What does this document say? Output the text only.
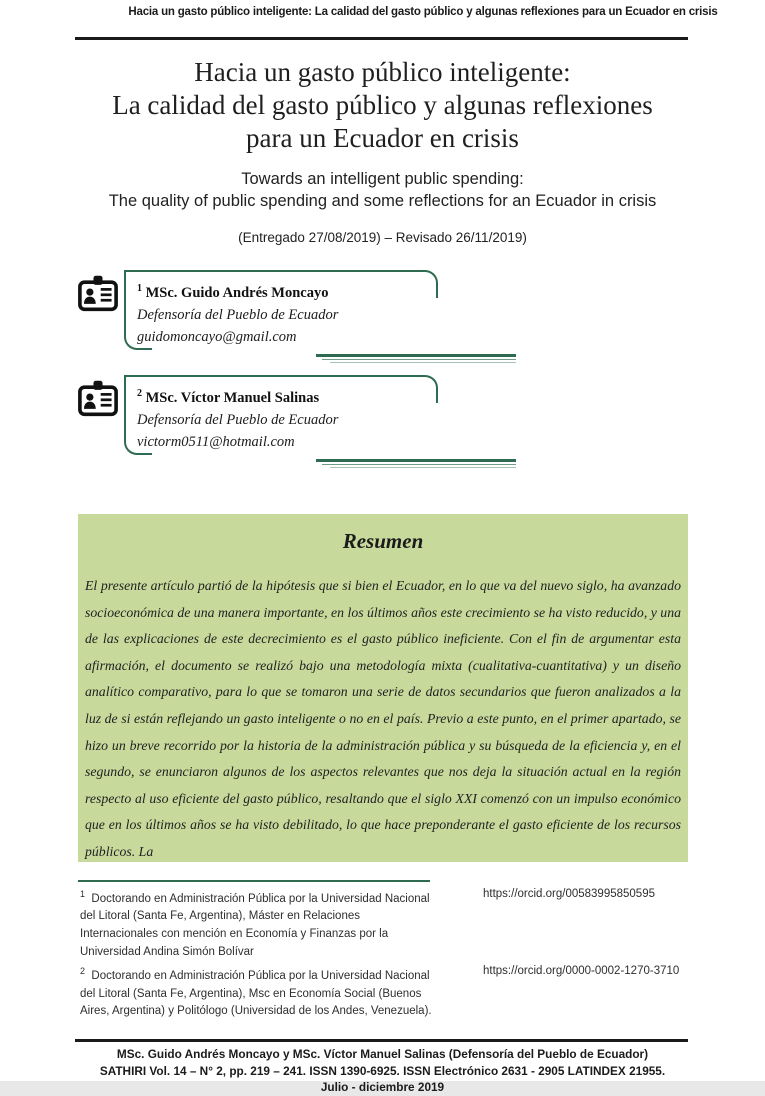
Hacia un gasto público inteligente: La calidad del gasto público y algunas reflexiones para un Ecuador en crisis
Hacia un gasto público inteligente:
La calidad del gasto público y algunas reflexiones
para un Ecuador en crisis
Towards an intelligent public spending:
The quality of public spending and some reflections for an Ecuador in crisis
(Entregado 27/08/2019) – Revisado 26/11/2019)
$^1$ MSc. Guido Andrés Moncayo
Defensoría del Pueblo de Ecuador
guidomoncayo@gmail.com
$^2$ MSc. Víctor Manuel Salinas
Defensoría del Pueblo de Ecuador
victorm0511@hotmail.com
Resumen
El presente artículo partió de la hipótesis que si bien el Ecuador, en lo que va del nuevo siglo, ha avanzado socioeconómica de una manera importante, en los últimos años este crecimiento se ha visto reducido, y una de las explicaciones de este decrecimiento es el gasto público ineficiente. Con el fin de argumentar esta afirmación, el documento se realizó bajo una metodología mixta (cualitativa-cuantitativa) y un diseño analítico comparativo, para lo que se tomaron una serie de datos secundarios que fueron analizados a la luz de si están reflejando un gasto inteligente o no en el país. Previo a este punto, en el primer apartado, se hizo un breve recorrido por la historia de la administración pública y su búsqueda de la eficiencia y, en el segundo, se enunciaron algunos de los aspectos relevantes que nos deja la situación actual en la región respecto al uso eficiente del gasto público, resaltando que el siglo XXI comenzó con un impulso económico que en los últimos años se ha visto debilitado, lo que hace preponderante el gasto eficiente de los recursos públicos. La
$^1$ Doctorando en Administración Pública por la Universidad Nacional del Litoral (Santa Fe, Argentina), Máster en Relaciones Internacionales con mención en Economía y Finanzas por la Universidad Andina Simón Bolívar
https://orcid.org/00583995850595
$^2$ Doctorando en Administración Pública por la Universidad Nacional del Litoral (Santa Fe, Argentina), Msc en Economía Social (Buenos Aires, Argentina) y Politólogo (Universidad de los Andes, Venezuela).
https://orcid.org/0000-0002-1270-3710
MSc. Guido Andrés Moncayo y MSc. Víctor Manuel Salinas (Defensoría del Pueblo de Ecuador)
SATHIRI Vol. 14 – N° 2, pp. 219 – 241. ISSN 1390-6925. ISSN Electrónico 2631 - 2905 LATINDEX 21955.
Julio - diciembre 2019
